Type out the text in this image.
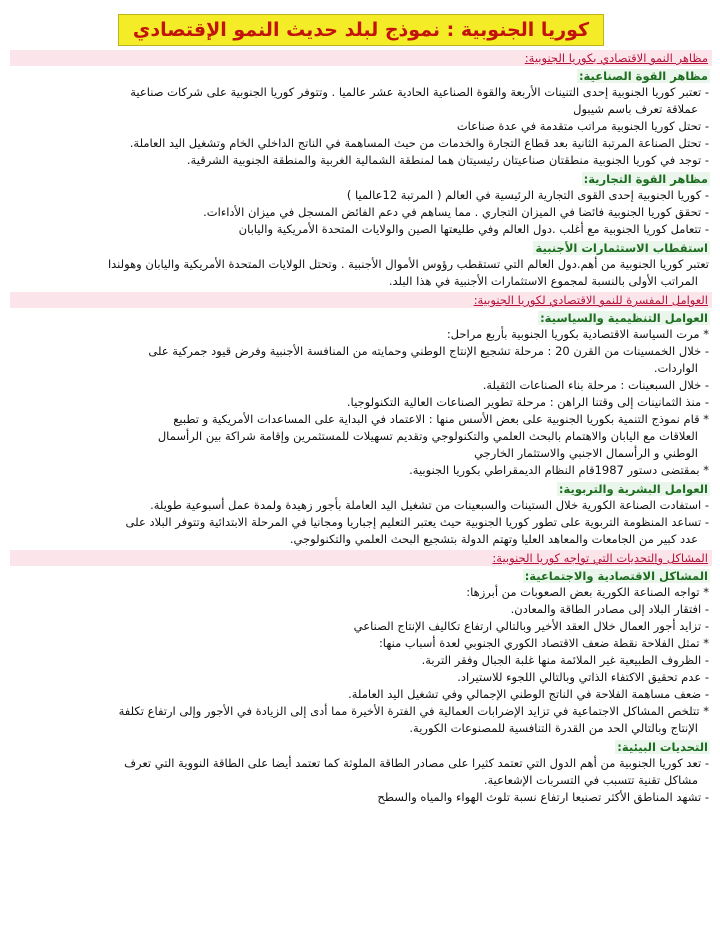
كوريا الجنوبية : نموذج لبلد حديث النمو الإقتصادي
مظاهر النمو الاقتصادي بكوريا الجنوبية:
مظاهر القوة الصناعية:
- تعتبر كوريا الجنوبية إحدى التنينات الأربعة والقوة الصناعية الحادية عشر عالميا . وتتوفر كوريا الجنوبية على شركات صناعية
عملاقة تعرف باسم شيبول
- تحتل كوريا الجنوبية مراتب متقدمة في عدة صناعات
- تحتل الصناعة المرتبة الثانية بعد قطاع التجارة والخدمات من حيث المساهمة في الناتج الداخلي الخام وتشغيل اليد العاملة.
- توجد في كوريا الجنوبية منطقتان صناعيتان رئيسيتان هما لمنطقة الشمالية الغربية والمنطقة الجنوبية الشرقية.
مظاهر القوة التجارية:
- كوريا الجنوبية إحدى القوى التجارية الرئيسية في العالم ( المرتبة 12عالميا )
- تحقق كوريا الجنوبية فائضا في الميزان التجاري . مما يساهم في دعم الفائض المسجل في ميزان الأداءات.
- تتعامل كوريا الجنوبية مع أغلب .دول العالم وفي طليعتها الصين والولايات المتحدة الأمريكية واليابان
استقطاب الاستثمارات الأجنبية
تعتبر كوريا الجنوبية من أهم.دول العالم التي تستقطب رؤوس الأموال الأجنبية . وتحتل الولايات المتحدة الأمريكية واليابان وهولندا
المراتب الأولى بالنسبة لمجموع الاستثمارات الأجنبية في هذا البلد.
العوامل المفسرة للنمو الاقتصادي لكوريا الجنوبية:
العوامل التنظيمية والسياسية:
* مرت السياسة الاقتصادية بكوريا الجنوبية بأربع مراحل:
- خلال الخمسينات من القرن 20 : مرحلة تشجيع الإنتاج الوطني وحمايته من المنافسة الأجنبية وفرض قيود جمركية على
الواردات.
- خلال السبعينات : مرحلة بناء الصناعات الثقيلة.
- منذ الثمانينات إلى وقتنا الراهن : مرحلة تطوير الصناعات العالية التكنولوجيا.
* قام نموذج التنمية بكوريا الجنوبية على بعض الأسس منها : الاعتماد في البداية على المساعدات الأمريكية و تطبيع
العلاقات مع اليابان والاهتمام بالبحث العلمي والتكنولوجي وتقديم تسهيلات للمستثمرين وإقامة شراكة بين الرأسمال
الوطني و الرأسمال الاجنبي والاستثمار الخارجي
* بمقتضى دستور 1987قام النظام الديمقراطي بكوريا الجنوبية.
العوامل البشرية والتربوية:
- استفادت الصناعة الكورية خلال الستينات والسبعينات من تشغيل اليد العاملة بأجور زهيدة ولمدة عمل أسبوعية طويلة.
- تساعد المنظومة التربوية على تطور كوريا الجنوبية حيث يعتبر التعليم إجباريا ومجانيا في المرحلة الابتدائية وتتوفر البلاد على
عدد كبير من الجامعات والمعاهد العليا وتهتم الدولة بتشجيع البحث العلمي والتكنولوجي.
المشاكل والتحديات التي تواجه كوريا الجنوبية:
المشاكل الاقتصادية والاجتماعية:
* تواجه الصناعة الكورية بعض الصعوبات من أبرزها:
- افتقار البلاد إلى مصادر الطاقة والمعادن.
- تزايد أجور العمال خلال العقد الأخير وبالتالي ارتفاع تكاليف الإنتاج الصناعي
* تمثل الفلاحة نقطة ضعف الاقتصاد الكوري الجنوبي لعدة أسباب منها:
- الظروف الطبيعية غير الملائمة منها غلبة الجبال وفقر التربة.
- عدم تحقيق الاكتفاء الذاتي وبالتالي اللجوء للاستيراد.
- ضعف مساهمة الفلاحة في الناتج الوطني الإجمالي وفي تشغيل اليد العاملة.
* تتلخص المشاكل الاجتماعية في تزايد الإضرابات العمالية في الفترة الأخيرة مما أدى إلى الزيادة في الأجور وإلى ارتفاع تكلفة
الإنتاج وبالتالي الحد من القدرة التنافسية للمصنوعات الكورية.
التحديات البيئية:
- تعد كوريا الجنوبية من أهم الدول التي تعتمد كثيرا على مصادر الطاقة الملوثة كما تعتمد أيضا على الطاقة النووية التي تعرف
مشاكل تقنية تتسبب في التسربات الإشعاعية.
- تشهد المناطق الأكثر تصنيعا ارتفاع نسبة تلوث الهواء والمياه والسطح
